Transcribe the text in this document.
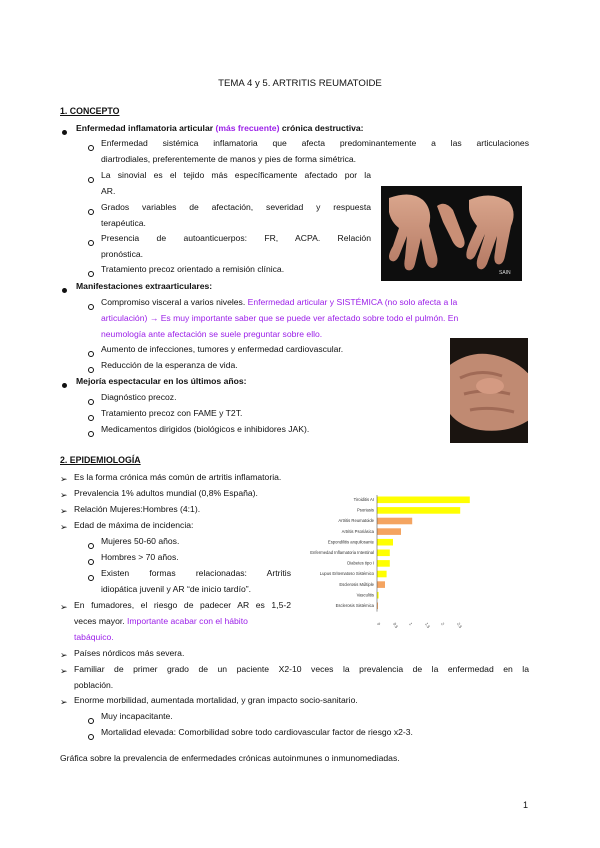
TEMA 4 y 5. ARTRITIS REUMATOIDE
1. CONCEPTO
Enfermedad inflamatoria articular (más frecuente) crónica destructiva:
Enfermedad sistémica inflamatoria que afecta predominantemente a las articulaciones
diartrodiales, preferentemente de manos y pies de forma simétrica.
La sinovial es el tejido más específicamente afectado por la
AR.
Grados variables de afectación, severidad y respuesta
terapéutica.
Presencia de autoanticuerpos: FR, ACPA. Relación
pronóstica.
Tratamiento precoz orientado a remisión clínica.	SAIN
Manifestaciones extraarticulares:
Compromiso visceral a varios niveles. Enfermedad articular y SISTÉMICA (no solo afecta a la
articulación) → Es muy importante saber que se puede ver afectado sobre todo el pulmón. En
neumología ante afectación se suele preguntar sobre ello.
Aumento de infecciones, tumores y enfermedad cardiovascular.
Reducción de la esperanza de vida.
Mejoría espectacular en los últimos años:
Diagnóstico precoz.
Tratamiento precoz con FAME y T2T.
Medicamentos dirigidos (biológicos e inhibidores JAK).
2. EPIDEMIOLOGÍA
➢ Es la forma crónica más común de artritis inflamatoria.
➢ Prevalencia 1% adultos mundial (0,8% España).
➢ Relación Mujeres:Hombres (4:1).
➢ Edad de máxima de incidencia:
Mujeres 50-60 años.
Hombres > 70 años.
Existen formas relacionadas: Artritis
idiopática juvenil y AR “de inicio tardío”.
➢ En fumadores, el riesgo de padecer AR es 1,5-2
veces mayor. Importante acabar con el hábito
tabáquico.
➢ Países nórdicos más severa.
➢ Familiar de primer grado de un paciente X2-10 veces la prevalencia de la enfermedad en la
población.
➢ Enorme morbilidad, aumentada mortalidad, y gran impacto socio-sanitario.
Muy incapacitante.
Mortalidad elevada: Comorbilidad sobre todo cardiovascular factor de riesgo x2-3.
Gráfica sobre la prevalencia de enfermedades crónicas autoinmunes o inmunomediadas.
Tiroiditis AI
Psoriasis
Artritis Reumatoide
Artritis Psoriásica
Espondilitis anquilosante
Enfermedad Inflamatoria Intestinal
Diabetes tipo I
Lupus Eritematoso Sistémico
Esclerosis Múltiple
Vasculitis
Esclerosis Sistémica
0	0,5 1	1,5 2	2,5
1
